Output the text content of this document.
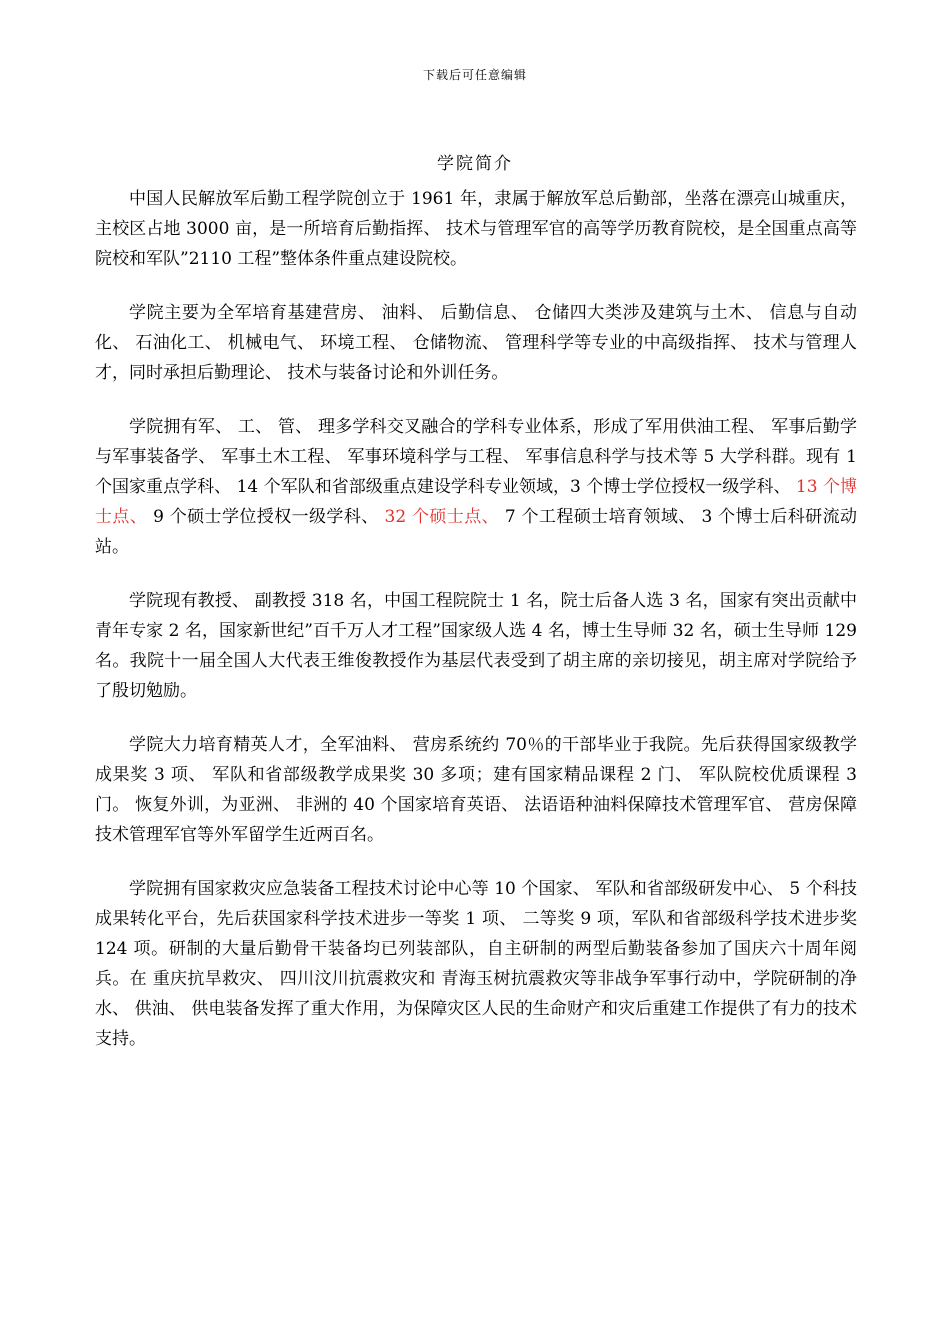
下载后可任意编辑
学院简介

中国人民解放军后勤工程学院创立于 1961 年，隶属于解放军总后勤部，坐落在漂亮山城重庆，主校区占地 3000 亩，是一所培育后勤指挥、 技术与管理军官的高等学历教育院校，是全国重点高等院校和军队”2110 工程”整体条件重点建设院校。

学院主要为全军培育基建营房、 油料、 后勤信息、 仓储四大类涉及建筑与土木、 信息与自动化、 石油化工、 机械电气、 环境工程、 仓储物流、 管理科学等专业的中高级指挥、 技术与管理人才，同时承担后勤理论、 技术与装备讨论和外训任务。

学院拥有军、 工、 管、 理多学科交叉融合的学科专业体系，形成了军用供油工程、 军事后勤学与军事装备学、 军事土木工程、 军事环境科学与工程、 军事信息科学与技术等 5 大学科群。现有 1 个国家重点学科、 14 个军队和省部级重点建设学科专业领域，3 个博士学位授权一级学科、 13 个博士点、 9 个硕士学位授权一级学科、 32 个硕士点、 7 个工程硕士培育领域、 3 个博士后科研流动站。

学院现有教授、 副教授 318 名，中国工程院院士 1 名，院士后备人选 3 名，国家有突出贡献中青年专家 2 名，国家新世纪”百千万人才工程”国家级人选 4 名，博士生导师 32 名，硕士生导师 129 名。我院十一届全国人大代表王维俊教授作为基层代表受到了胡主席的亲切接见，胡主席对学院给予了殷切勉励。

学院大力培育精英人才，全军油料、 营房系统约 70％的干部毕业于我院。先后获得国家级教学成果奖 3 项、 军队和省部级教学成果奖 30 多项；建有国家精品课程 2 门、 军队院校优质课程 3 门。 恢复外训，为亚洲、 非洲的 40 个国家培育英语、 法语语种油料保障技术管理军官、 营房保障技术管理军官等外军留学生近两百名。

学院拥有国家救灾应急装备工程技术讨论中心等 10 个国家、 军队和省部级研发中心、 5 个科技成果转化平台，先后获国家科学技术进步一等奖 1 项、 二等奖 9 项，军队和省部级科学技术进步奖 124 项。研制的大量后勤骨干装备均已列装部队，自主研制的两型后勤装备参加了国庆六十周年阅兵。在 重庆抗旱救灾、 四川汶川抗震救灾和 青海玉树抗震救灾等非战争军事行动中，学院研制的净水、 供油、 供电装备发挥了重大作用，为保障灾区人民的生命财产和灾后重建工作提供了有力的技术支持。
